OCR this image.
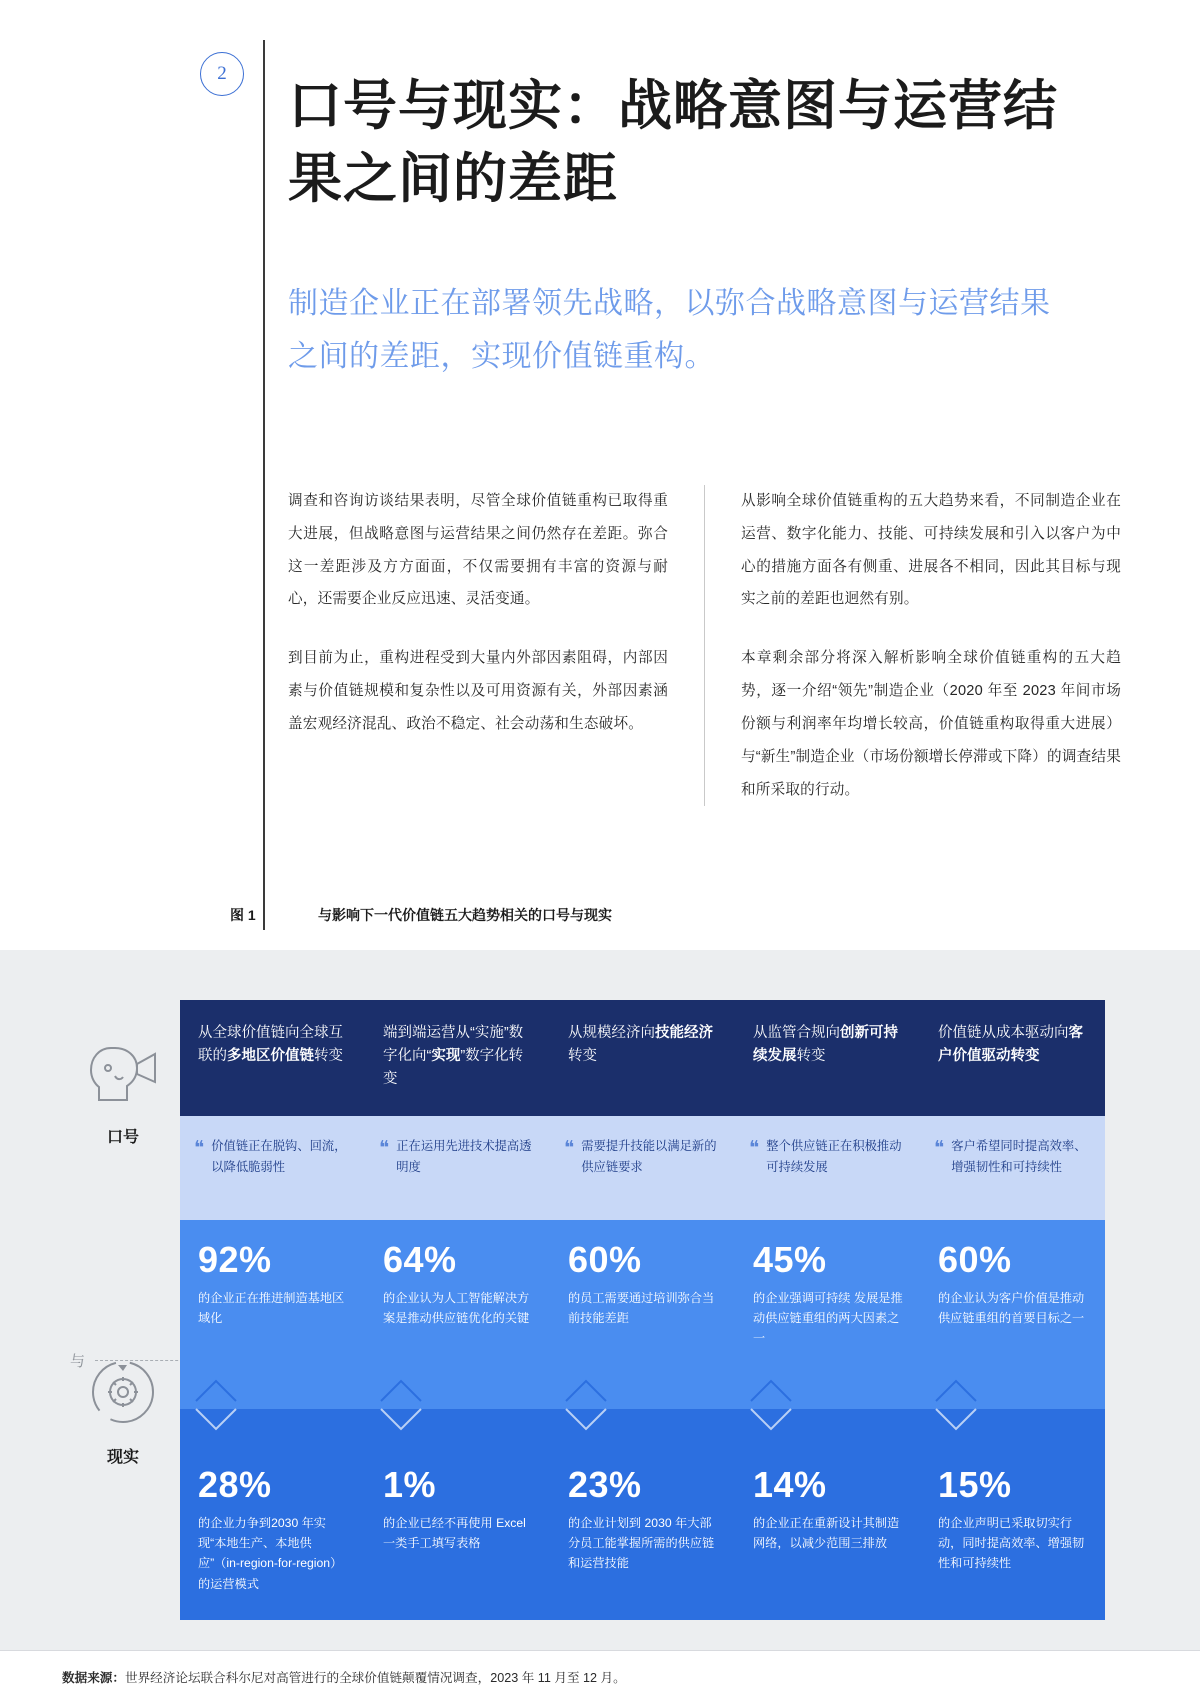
2
口号与现实：战略意图与运营结果之间的差距
制造企业正在部署领先战略，以弥合战略意图与运营结果之间的差距，实现价值链重构。

调查和咨询访谈结果表明，尽管全球价值链重构已取得重大进展，但战略意图与运营结果之间仍然存在差距。弥合这一差距涉及方方面面，不仅需要拥有丰富的资源与耐心，还需要企业反应迅速、灵活变通。

到目前为止，重构进程受到大量内外部因素阻碍，内部因素与价值链规模和复杂性以及可用资源有关，外部因素涵盖宏观经济混乱、政治不稳定、社会动荡和生态破坏。

从影响全球价值链重构的五大趋势来看，不同制造企业在运营、数字化能力、技能、可持续发展和引入以客户为中心的措施方面各有侧重、进展各不相同，因此其目标与现实之前的差距也迥然有别。

本章剩余部分将深入解析影响全球价值链重构的五大趋势，逐一介绍“领先”制造企业（2020 年至 2023 年间市场份额与利润率年均增长较高，价值链重构取得重大进展）与“新生”制造企业（市场份额增长停滞或下降）的调查结果和所采取的行动。

图 1	与影响下一代价值链五大趋势相关的口号与现实
口号
现实
与
从全球价值链向全球互联的多地区价值链转变
端到端运营从“实施”数字化向“实现”数字化转变
从规模经济向技能经济转变
从监管合规向创新可持续发展转变
价值链从成本驱动向客户价值驱动转变
❝ 价值链正在脱钩、回流，以降低脆弱性
❝ 正在运用先进技术提高透明度
❝ 需要提升技能以满足新的供应链要求
❝ 整个供应链正在积极推动可持续发展
❝ 客户希望同时提高效率、增强韧性和可持续性
92%
的企业正在推进制造基地区域化
64%
的企业认为人工智能解决方案是推动供应链优化的关键
60%
的员工需要通过培训弥合当前技能差距
45%
的企业强调可持续 发展是推动供应链重组的两大因素之一
60%
的企业认为客户价值是推动供应链重组的首要目标之一
28%
的企业力争到2030 年实现“本地生产、本地供应”（in-region-for-region）的运营模式
1%
的企业已经不再使用 Excel 一类手工填写表格
23%
的企业计划到 2030 年大部分员工能掌握所需的供应链和运营技能
14%
的企业正在重新设计其制造网络，以减少范围三排放
15%
的企业声明已采取切实行动，同时提高效率、增强韧性和可持续性
数据来源：世界经济论坛联合科尔尼对高管进行的全球价值链颠覆情况调查，2023 年 11 月至 12 月。
